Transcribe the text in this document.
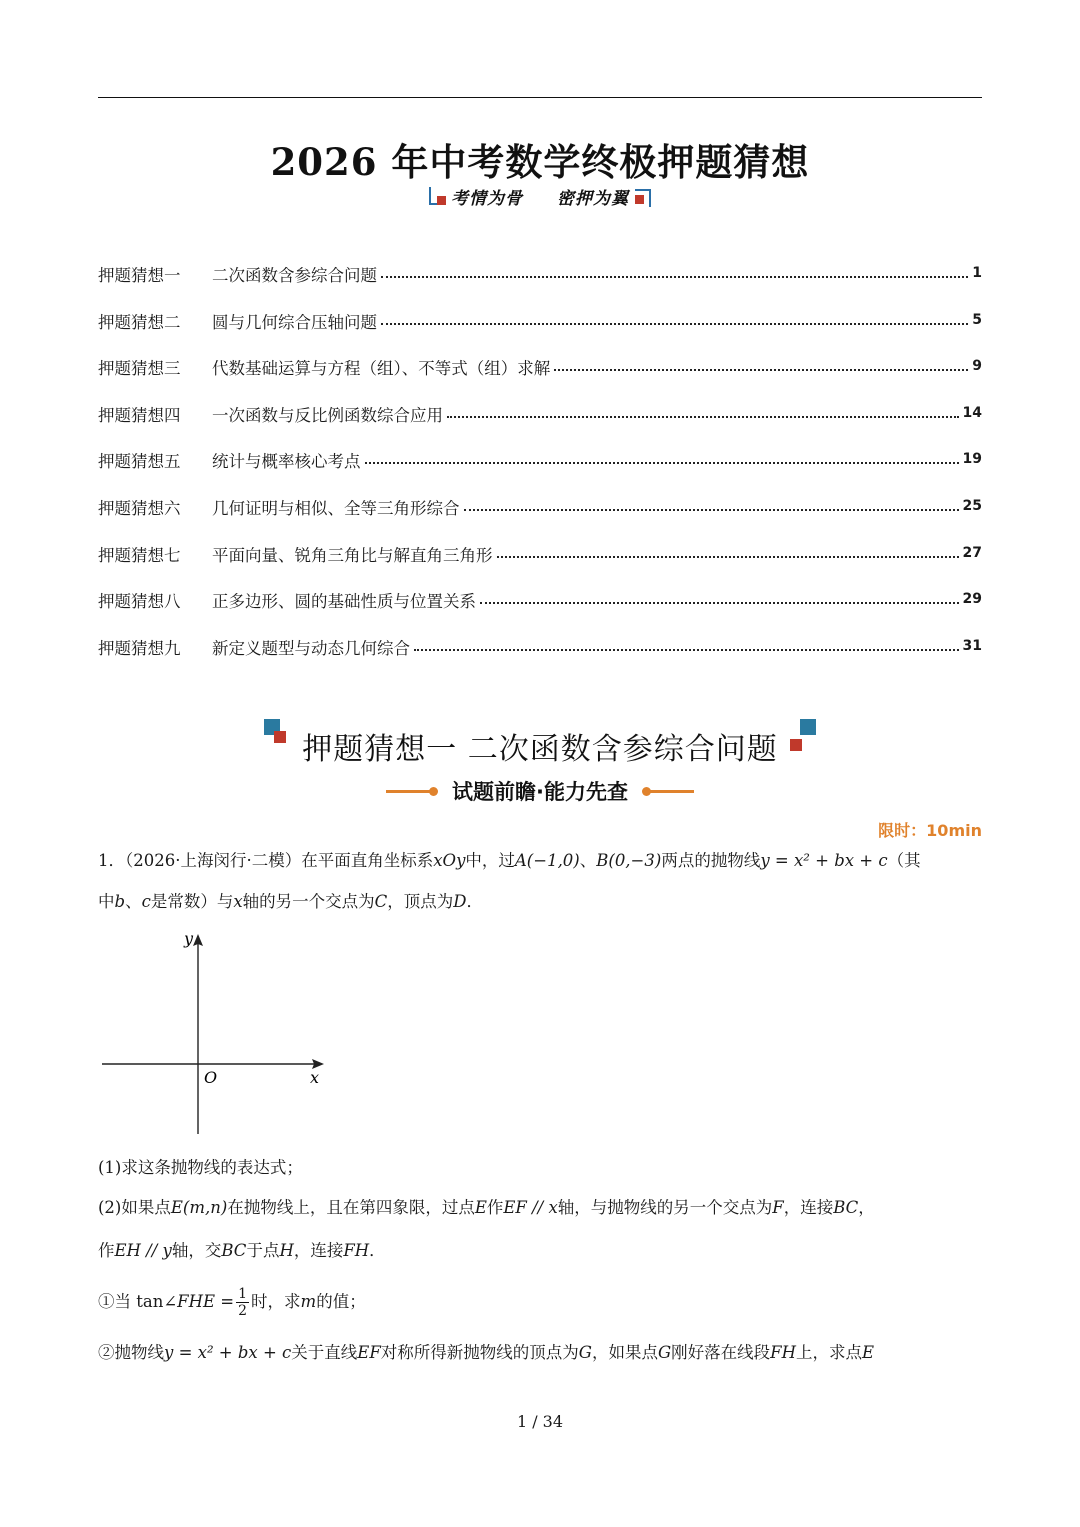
2026 年中考数学终极押题猜想
考情为骨 密押为翼
押题猜想一	二次函数含参综合问题	1
押题猜想二	圆与几何综合压轴问题	5
押题猜想三	代数基础运算与方程（组）、不等式（组）求解	9
押题猜想四	一次函数与反比例函数综合应用	14
押题猜想五	统计与概率核心考点	19
押题猜想六	几何证明与相似、全等三角形综合	25
押题猜想七	平面向量、锐角三角比与解直角三角形	27
押题猜想八	正多边形、圆的基础性质与位置关系	29
押题猜想九	新定义题型与动态几何综合	31
押题猜想一 二次函数含参综合问题
试题前瞻·能力先查
限时：10min
1．（2026·上海闵行·二模）在平面直角坐标系xOy中，过A(−1,0)、B(0,−3)两点的抛物线y = x² + bx + c（其
中b、c是常数）与x轴的另一个交点为C，顶点为D．
y
O	x
(1)求这条抛物线的表达式；
(2)如果点E(m,n)在抛物线上，且在第四象限，过点E作EF // x轴，与抛物线的另一个交点为F，连接BC，
作EH // y轴，交BC于点H，连接FH．
①当 tan∠FHE = $\frac{1}{2}$ 时，求m的值；
②抛物线y = x² + bx + c关于直线EF对称所得新抛物线的顶点为G，如果点G刚好落在线段FH上，求点E
1 / 34
